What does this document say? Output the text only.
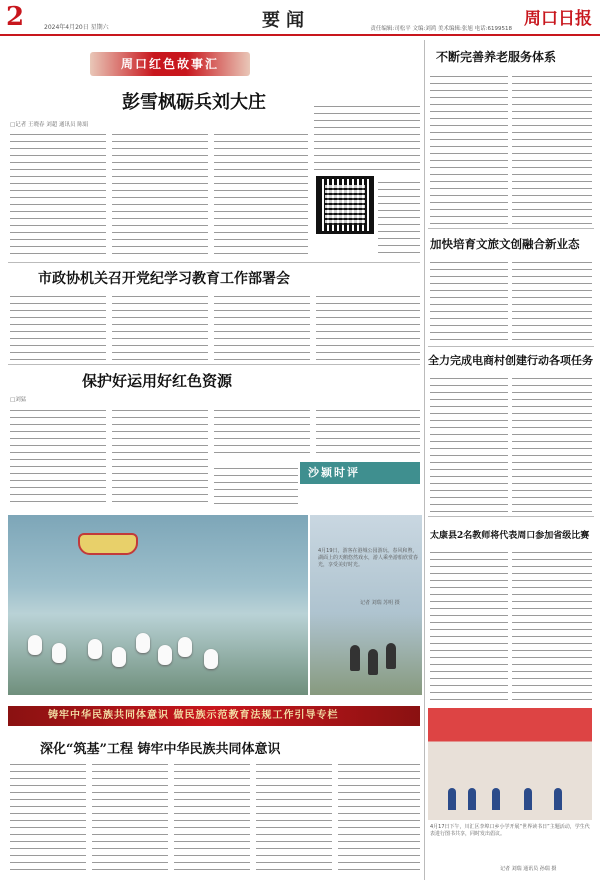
2	2024年4月20日 星期六	要闻	责任编辑:司松平 文编:刘鸿 美术编辑:张旭 电话:6199518 周口日报
周口红色故事汇
彭雪枫砺兵刘大庄
□记者 王晓春 刘超 通讯员 陈娟
市政协机关召开党纪学习教育工作部署会
保护好运用好红色资源
□刘猛
沙颍时评
4月19日，游客在港城公园游玩。春风和煦，湖面上的天鹅悠然戏水，游人乘坐游船欣赏春光，享受美好时光。
记者 刘瑞 苏明 摄
铸牢中华民族共同体意识 做民族示范教育法规工作引导专栏
深化“筑基”工程 铸牢中华民族共同体意识
不断完善养老服务体系
加快培育文旅文创融合新业态
全力完成电商村创建行动各项任务
太康县2名教师将代表周口参加省级比赛
4月17日下午，川汇区李埠口乡小学开展“世界读书日”主题活动，学生代表进行图书共享，同时发出倡议。
记者 刘瑞 通讯员 孙瑞 摄
